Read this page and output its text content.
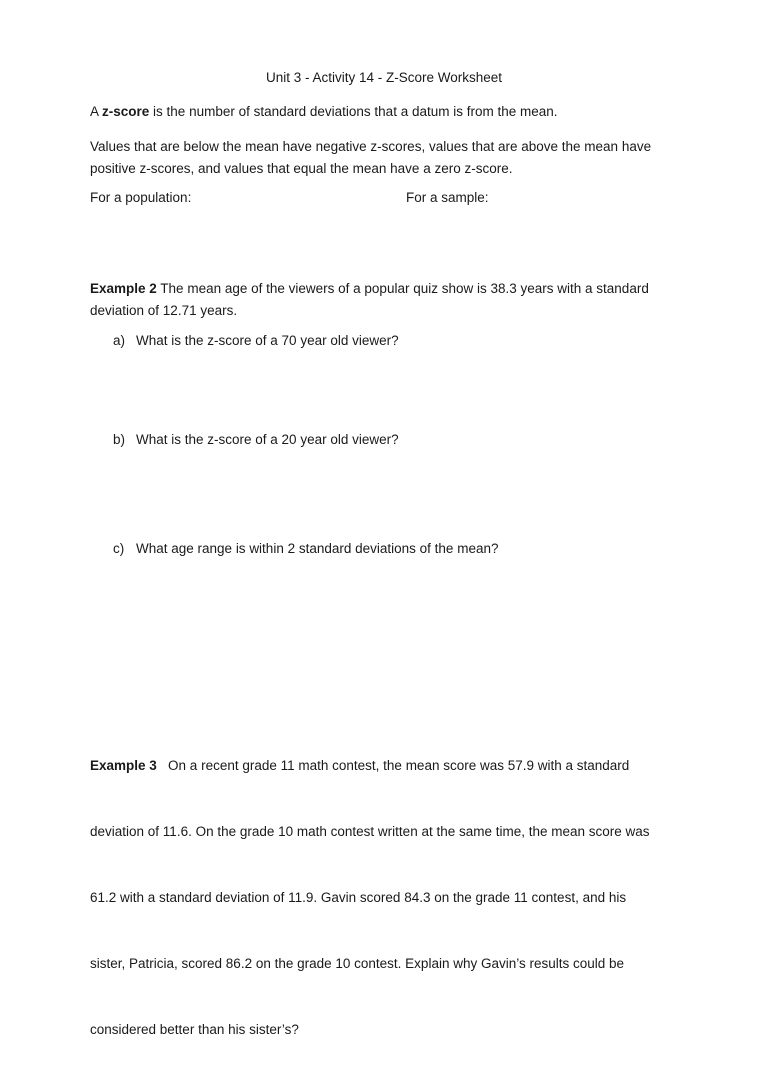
Unit 3 - Activity 14 - Z-Score Worksheet
A z-score is the number of standard deviations that a datum is from the mean.
Values that are below the mean have negative z-scores, values that are above the mean have
positive z-scores, and values that equal the mean have a zero z-score.
For a population:	For a sample:
Example 2 The mean age of the viewers of a popular quiz show is 38.3 years with a standard
deviation of 12.71 years.
a) What is the z-score of a 70 year old viewer?
b) What is the z-score of a 20 year old viewer?
c) What age range is within 2 standard deviations of the mean?

Example 3   On a recent grade 11 math contest, the mean score was 57.9 with a standard

deviation of 11.6. On the grade 10 math contest written at the same time, the mean score was

61.2 with a standard deviation of 11.9. Gavin scored 84.3 on the grade 11 contest, and his

sister, Patricia, scored 86.2 on the grade 10 contest. Explain why Gavin’s results could be

considered better than his sister’s?
